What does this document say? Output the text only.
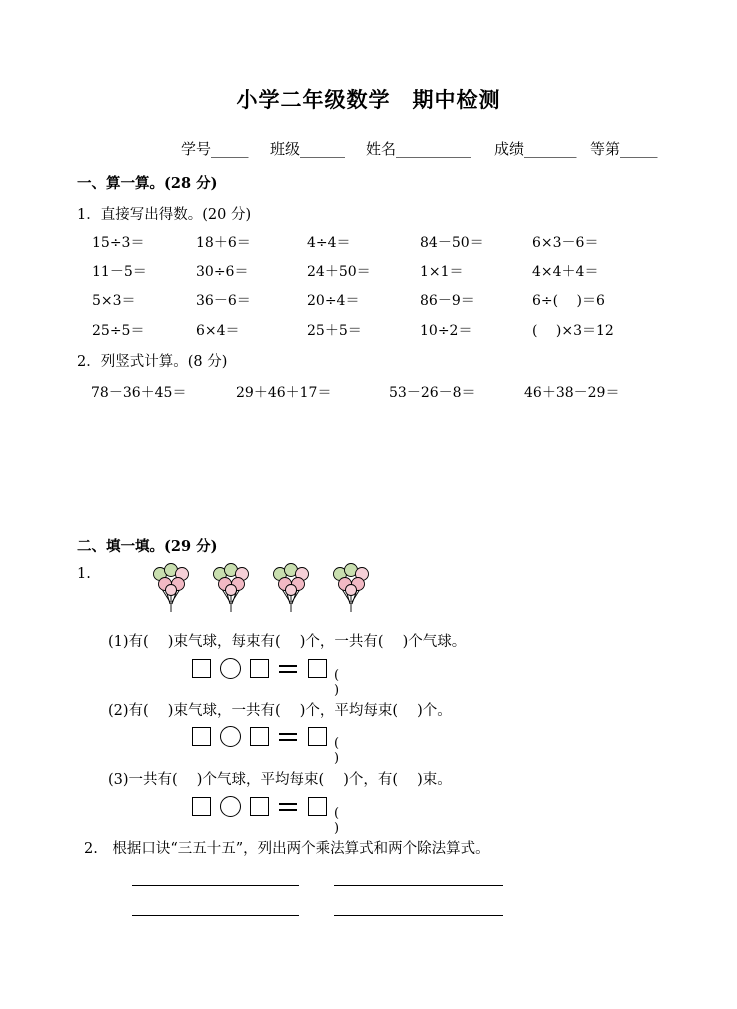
小学二年级数学　期中检测
学号_____ 班级______ 姓名__________ 成绩_______ 等第_____
一、算一算。(28 分)
1．直接写出得数。(20 分)
15÷3＝	18＋6＝	4÷4＝	84－50＝	6×3－6＝
11－5＝	30÷6＝	24＋50＝	1×1＝	4×4＋4＝
5×3＝	36－6＝	20÷4＝	86－9＝	6÷(　 )＝6
25÷5＝	6×4＝	25＋5＝	10÷2＝	(　 )×3＝12
2．列竖式计算。(8 分)
78－36＋45＝	29＋46＋17＝	53－26－8＝	46＋38－29＝
二、填一填。(29 分)
1.
(1)有(　 )束气球，每束有(　 )个，一共有(　 )个气球。
(　 )
(2)有(　 )束气球，一共有(　 )个，平均每束(　 )个。
(　 )
(3)一共有(　 )个气球，平均每束(　 )个，有(　 )束。
(　 )
2.　根据口诀“三五十五”，列出两个乘法算式和两个除法算式。
